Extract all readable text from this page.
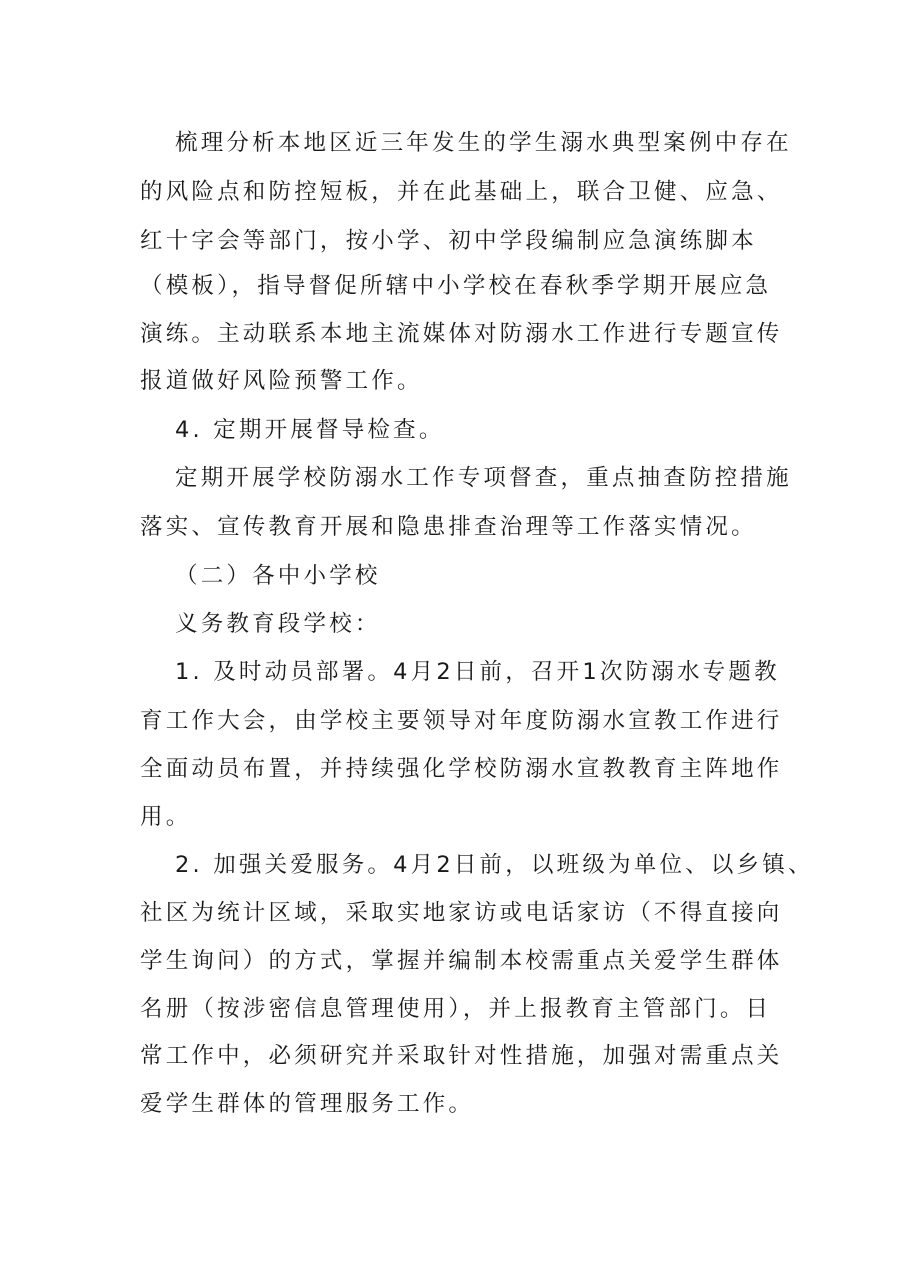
梳理分析本地区近三年发生的学生溺水典型案例中存在
的风险点和防控短板，并在此基础上，联合卫健、应急、
红十字会等部门，按小学、初中学段编制应急演练脚本
（模板），指导督促所辖中小学校在春秋季学期开展应急
演练。主动联系本地主流媒体对防溺水工作进行专题宣传
报道做好风险预警工作。
4. 定期开展督导检查。
定期开展学校防溺水工作专项督查，重点抽查防控措施
落实、宣传教育开展和隐患排查治理等工作落实情况。
（二）各中小学校
义务教育段学校：
1. 及时动员部署。4月2日前，召开1次防溺水专题教
育工作大会，由学校主要领导对年度防溺水宣教工作进行
全面动员布置，并持续强化学校防溺水宣教教育主阵地作
用。
2. 加强关爱服务。4月2日前，以班级为单位、以乡镇、
社区为统计区域，采取实地家访或电话家访（不得直接向
学生询问）的方式，掌握并编制本校需重点关爱学生群体
名册（按涉密信息管理使用），并上报教育主管部门。日
常工作中，必须研究并采取针对性措施，加强对需重点关
爱学生群体的管理服务工作。
